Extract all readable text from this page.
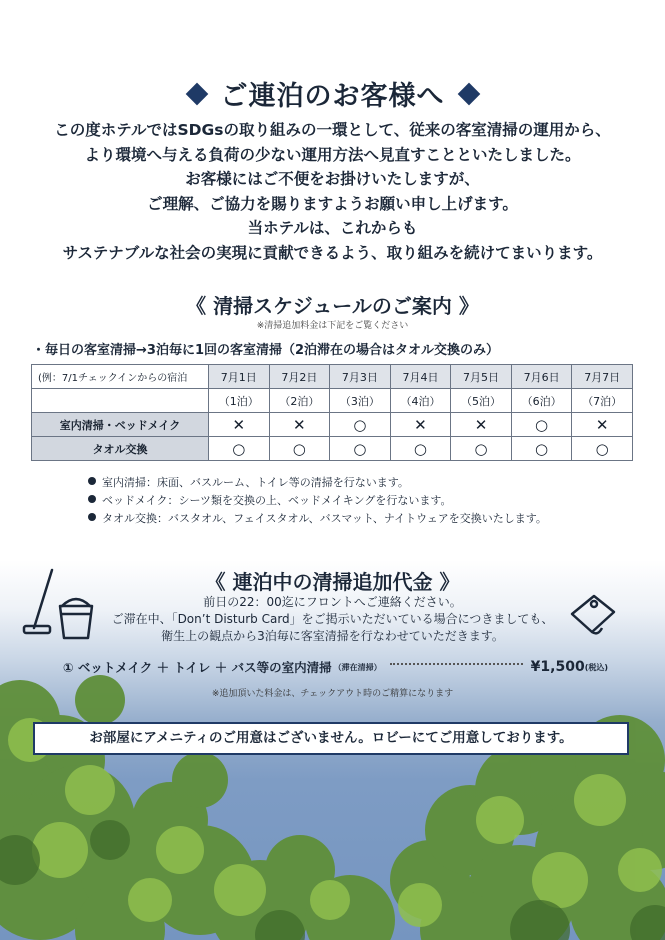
ご連泊のお客様へ
この度ホテルではSDGsの取り組みの一環として、従来の客室清掃の運用から、
より環境へ与える負荷の少ない運用方法へ見直すことといたしました。
お客様にはご不便をお掛けいたしますが、
ご理解、ご協力を賜りますようお願い申し上げます。
当ホテルは、これからも
サステナブルな社会の実現に貢献できるよう、取り組みを続けてまいります。
《 清掃スケジュールのご案内 》
※清掃追加料金は下記をご覧ください
・毎日の客室清掃→3泊毎に1回の客室清掃（2泊滞在の場合はタオル交換のみ）
(例：7/1チェックインからの宿泊	7月1日	7月2日	7月3日	7月4日	7月5日	7月6日	7月7日
	（1泊）	（2泊）	（3泊）	（4泊）	（5泊）	（6泊）	（7泊）
室内清掃・ベッドメイク	✕	✕	○	✕	✕	○	✕
タオル交換	○	○	○	○	○	○	○
室内清掃：床面、バスルーム、トイレ等の清掃を行ないます。
ベッドメイク：シーツ類を交換の上、ベッドメイキングを行ないます。
タオル交換：バスタオル、フェイスタオル、バスマット、ナイトウェアを交換いたします。
《 連泊中の清掃追加代金 》
前日の22：00迄にフロントへご連絡ください。
ご滞在中、「Don’t Disturb Card」をご掲示いただいている場合につきましても、
衛生上の観点から3泊毎に客室清掃を行なわせていただきます。
① ベットメイク ＋ トイレ ＋ バス等の室内清掃 （滞在清掃）	¥1,500 (税込)
※追加頂いた料金は、チェックアウト時のご精算になります
お部屋にアメニティのご用意はございません。ロビーにてご用意しております。
